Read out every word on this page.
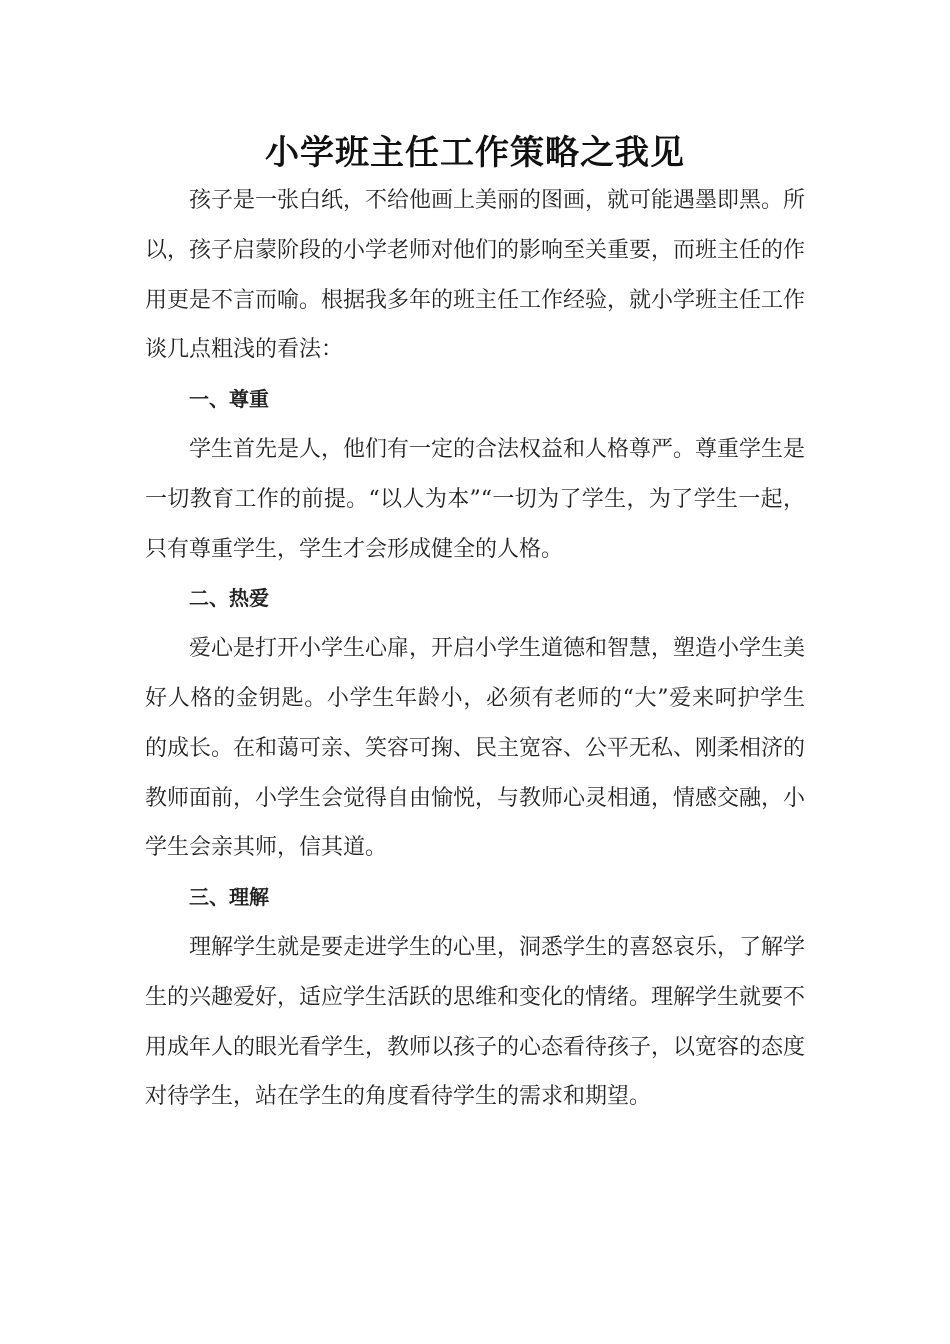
小学班主任工作策略之我见

孩子是一张白纸，不给他画上美丽的图画，就可能遇墨即黑。所以，孩子启蒙阶段的小学老师对他们的影响至关重要，而班主任的作用更是不言而喻。根据我多年的班主任工作经验，就小学班主任工作谈几点粗浅的看法：

一、尊重

学生首先是人，他们有一定的合法权益和人格尊严。尊重学生是一切教育工作的前提。“以人为本”“一切为了学生，为了学生一起，只有尊重学生，学生才会形成健全的人格。

二、热爱

爱心是打开小学生心扉，开启小学生道德和智慧，塑造小学生美好人格的金钥匙。小学生年龄小，必须有老师的“大”爱来呵护学生的成长。在和蔼可亲、笑容可掬、民主宽容、公平无私、刚柔相济的教师面前，小学生会觉得自由愉悦，与教师心灵相通，情感交融，小学生会亲其师，信其道。

三、理解

理解学生就是要走进学生的心里，洞悉学生的喜怒哀乐，了解学生的兴趣爱好，适应学生活跃的思维和变化的情绪。理解学生就要不用成年人的眼光看学生，教师以孩子的心态看待孩子，以宽容的态度对待学生，站在学生的角度看待学生的需求和期望。
